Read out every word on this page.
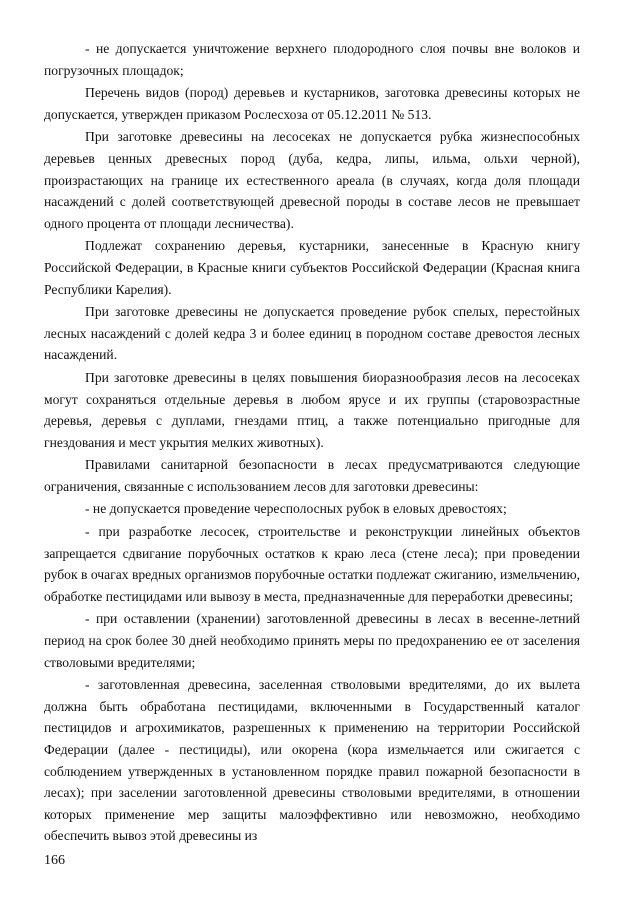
- не допускается уничтожение верхнего плодородного слоя почвы вне волоков и погрузочных площадок;

Перечень видов (пород) деревьев и кустарников, заготовка древесины которых не допускается, утвержден приказом Рослесхоза от 05.12.2011 № 513.

При заготовке древесины на лесосеках не допускается рубка жизнеспособных деревьев ценных древесных пород (дуба, кедра, липы, ильма, ольхи черной), произрастающих на границе их естественного ареала (в случаях, когда доля площади насаждений с долей соответствующей древесной породы в составе лесов не превышает одного процента от площади лесничества).

Подлежат сохранению деревья, кустарники, занесенные в Красную книгу Российской Федерации, в Красные книги субъектов Российской Федерации (Красная книга Республики Карелия).

При заготовке древесины не допускается проведение рубок спелых, перестойных лесных насаждений с долей кедра 3 и более единиц в породном составе древостоя лесных насаждений.

При заготовке древесины в целях повышения биоразнообразия лесов на лесосеках могут сохраняться отдельные деревья в любом ярусе и их группы (старовозрастные деревья, деревья с дуплами, гнездами птиц, а также потенциально пригодные для гнездования и мест укрытия мелких животных).

Правилами санитарной безопасности в лесах предусматриваются следующие ограничения, связанные с использованием лесов для заготовки древесины:

- не допускается проведение чересполосных рубок в еловых древостоях;

- при разработке лесосек, строительстве и реконструкции линейных объектов запрещается сдвигание порубочных остатков к краю леса (стене леса); при проведении рубок в очагах вредных организмов порубочные остатки подлежат сжиганию, измельчению, обработке пестицидами или вывозу в места, предназначенные для переработки древесины;

- при оставлении (хранении) заготовленной древесины в лесах в весенне-летний период на срок более 30 дней необходимо принять меры по предохранению ее от заселения стволовыми вредителями;

- заготовленная древесина, заселенная стволовыми вредителями, до их вылета должна быть обработана пестицидами, включенными в Государственный каталог пестицидов и агрохимикатов, разрешенных к применению на территории Российской Федерации (далее - пестициды), или окорена (кора измельчается или сжигается с соблюдением утвержденных в установленном порядке правил пожарной безопасности в лесах); при заселении заготовленной древесины стволовыми вредителями, в отношении которых применение мер защиты малоэффективно или невозможно, необходимо обеспечить вывоз этой древесины из

166
